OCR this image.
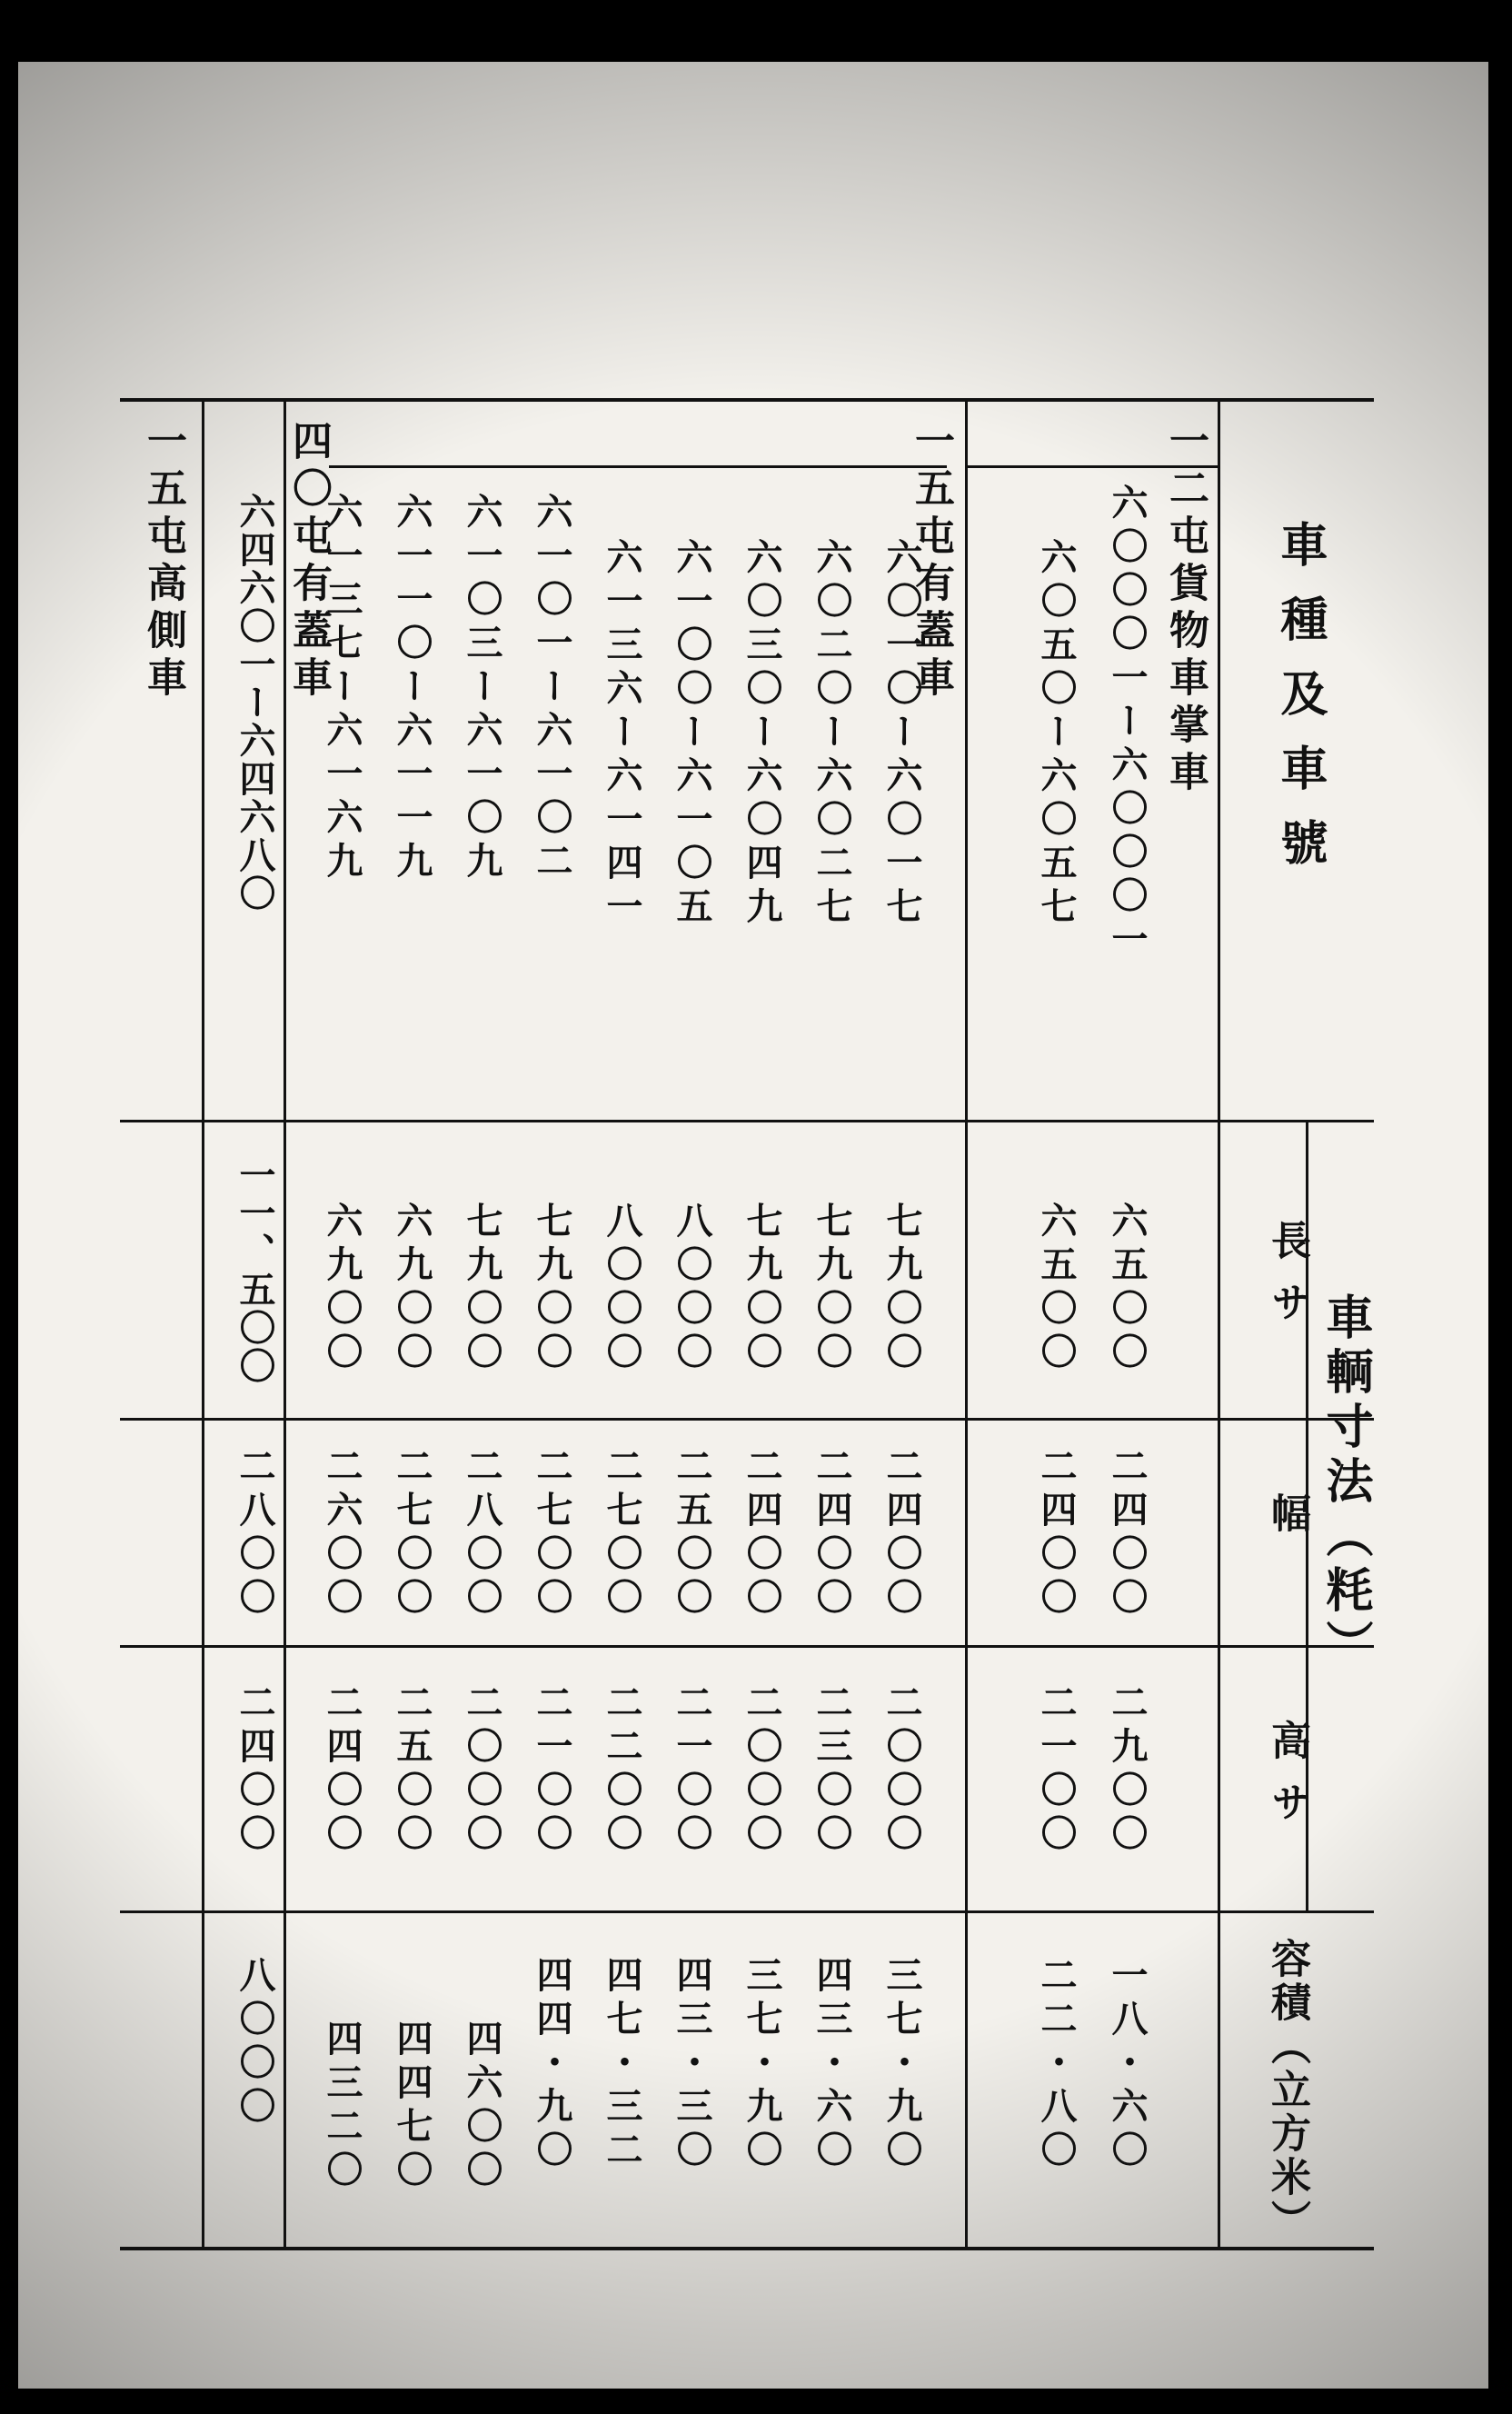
車種及車號
車輌寸法（粍）
長サ
幅
高サ
容積（立方米）
一二屯貨物車掌車
一五屯有蓋車
四〇屯有蓋車
一五屯高側車	六〇〇〇一ー六〇〇〇一
六〇五〇ー六〇五七
六〇一〇ー六〇一七
六〇二〇ー六〇二七
六〇三〇ー六〇四九
六一〇〇ー六一〇五
六一三六ー六一四一
六一〇一ー六一〇二
六一〇三ー六一〇九
六一一〇ー六一一九
六一三七ー六一六九
六四六〇一ー六四六八〇
六五〇〇
六五〇〇
七九〇〇
七九〇〇
七九〇〇
八〇〇〇
八〇〇〇
七九〇〇
七九〇〇
六九〇〇
六九〇〇
一一、五〇〇
二四〇〇
二四〇〇
二四〇〇
二四〇〇
二四〇〇
二五〇〇
二七〇〇
二七〇〇
二八〇〇
二七〇〇
二六〇〇
二八〇〇
二九〇〇
二一〇〇
二〇〇〇
二三〇〇
二〇〇〇
二一〇〇
二二〇〇
二一〇〇
二〇〇〇
二五〇〇
二四〇〇
二四〇〇
一八・六〇
二二・八〇
三七・九〇
四三・六〇
三七・九〇
四三・三〇
四七・三二
四四・九〇
四六〇〇
四四七〇
四三二〇
八〇〇〇
